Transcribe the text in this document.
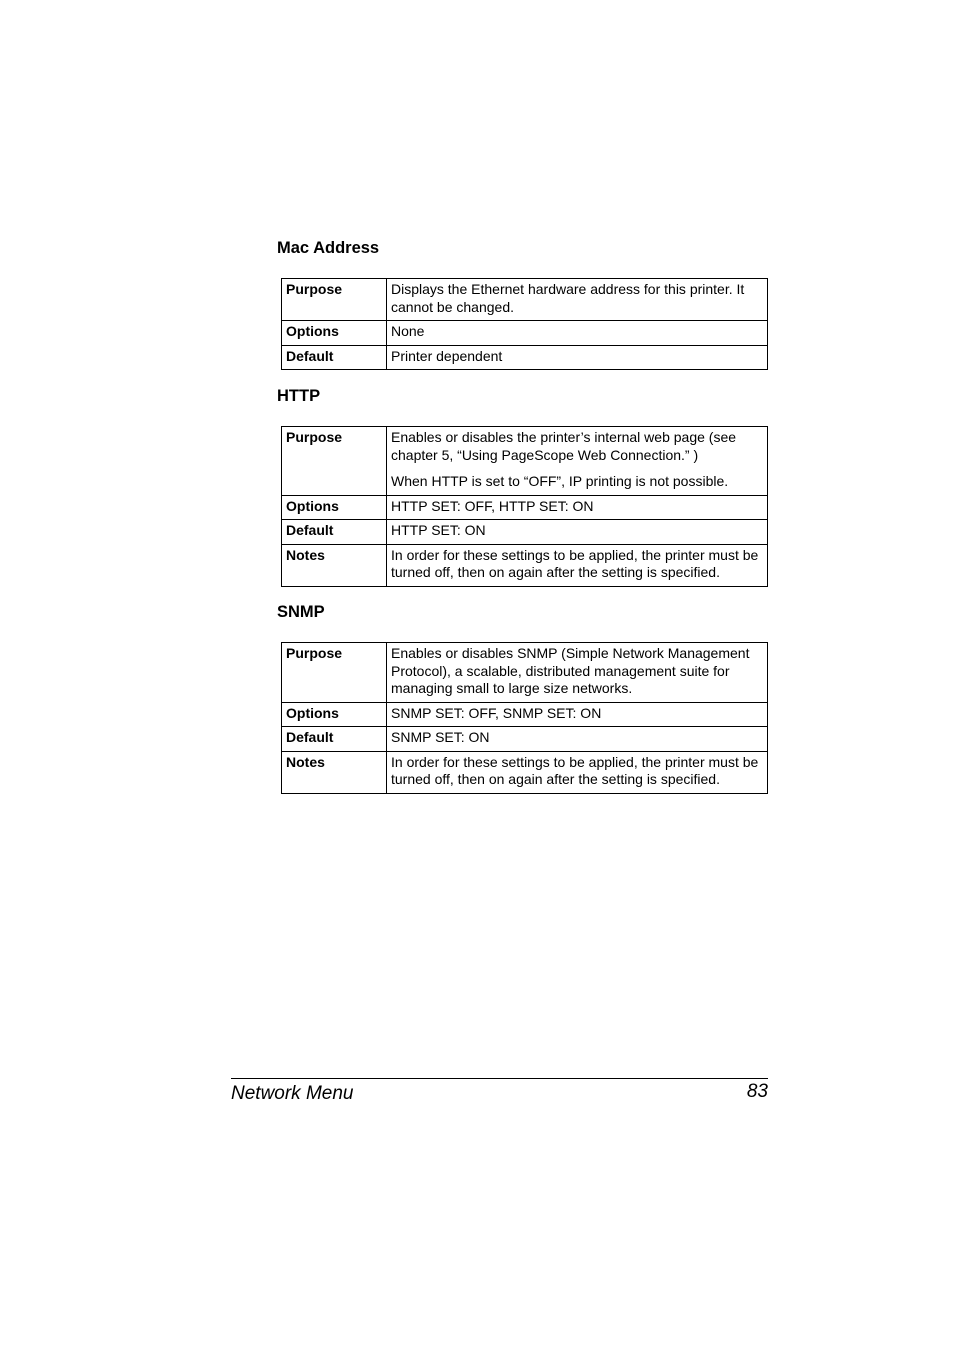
Mac Address
Purpose	Displays the Ethernet hardware address for this printer. It cannot be changed.

Options	None

Default	Printer dependent

HTTP
Purpose	Enables or disables the printer’s internal web page (see chapter 5, “Using PageScope Web Connection.” )

When HTTP is set to “OFF”, IP printing is not possible.

Options	HTTP SET: OFF, HTTP SET: ON

Default	HTTP SET: ON

Notes	In order for these settings to be applied, the printer must be turned off, then on again after the setting is specified.

SNMP
Purpose	Enables or disables SNMP (Simple Network Management Protocol), a scalable, distributed management suite for managing small to large size networks.

Options	SNMP SET: OFF, SNMP SET: ON

Default	SNMP SET: ON

Notes	In order for these settings to be applied, the printer must be turned off, then on again after the setting is specified.

Network Menu	83
